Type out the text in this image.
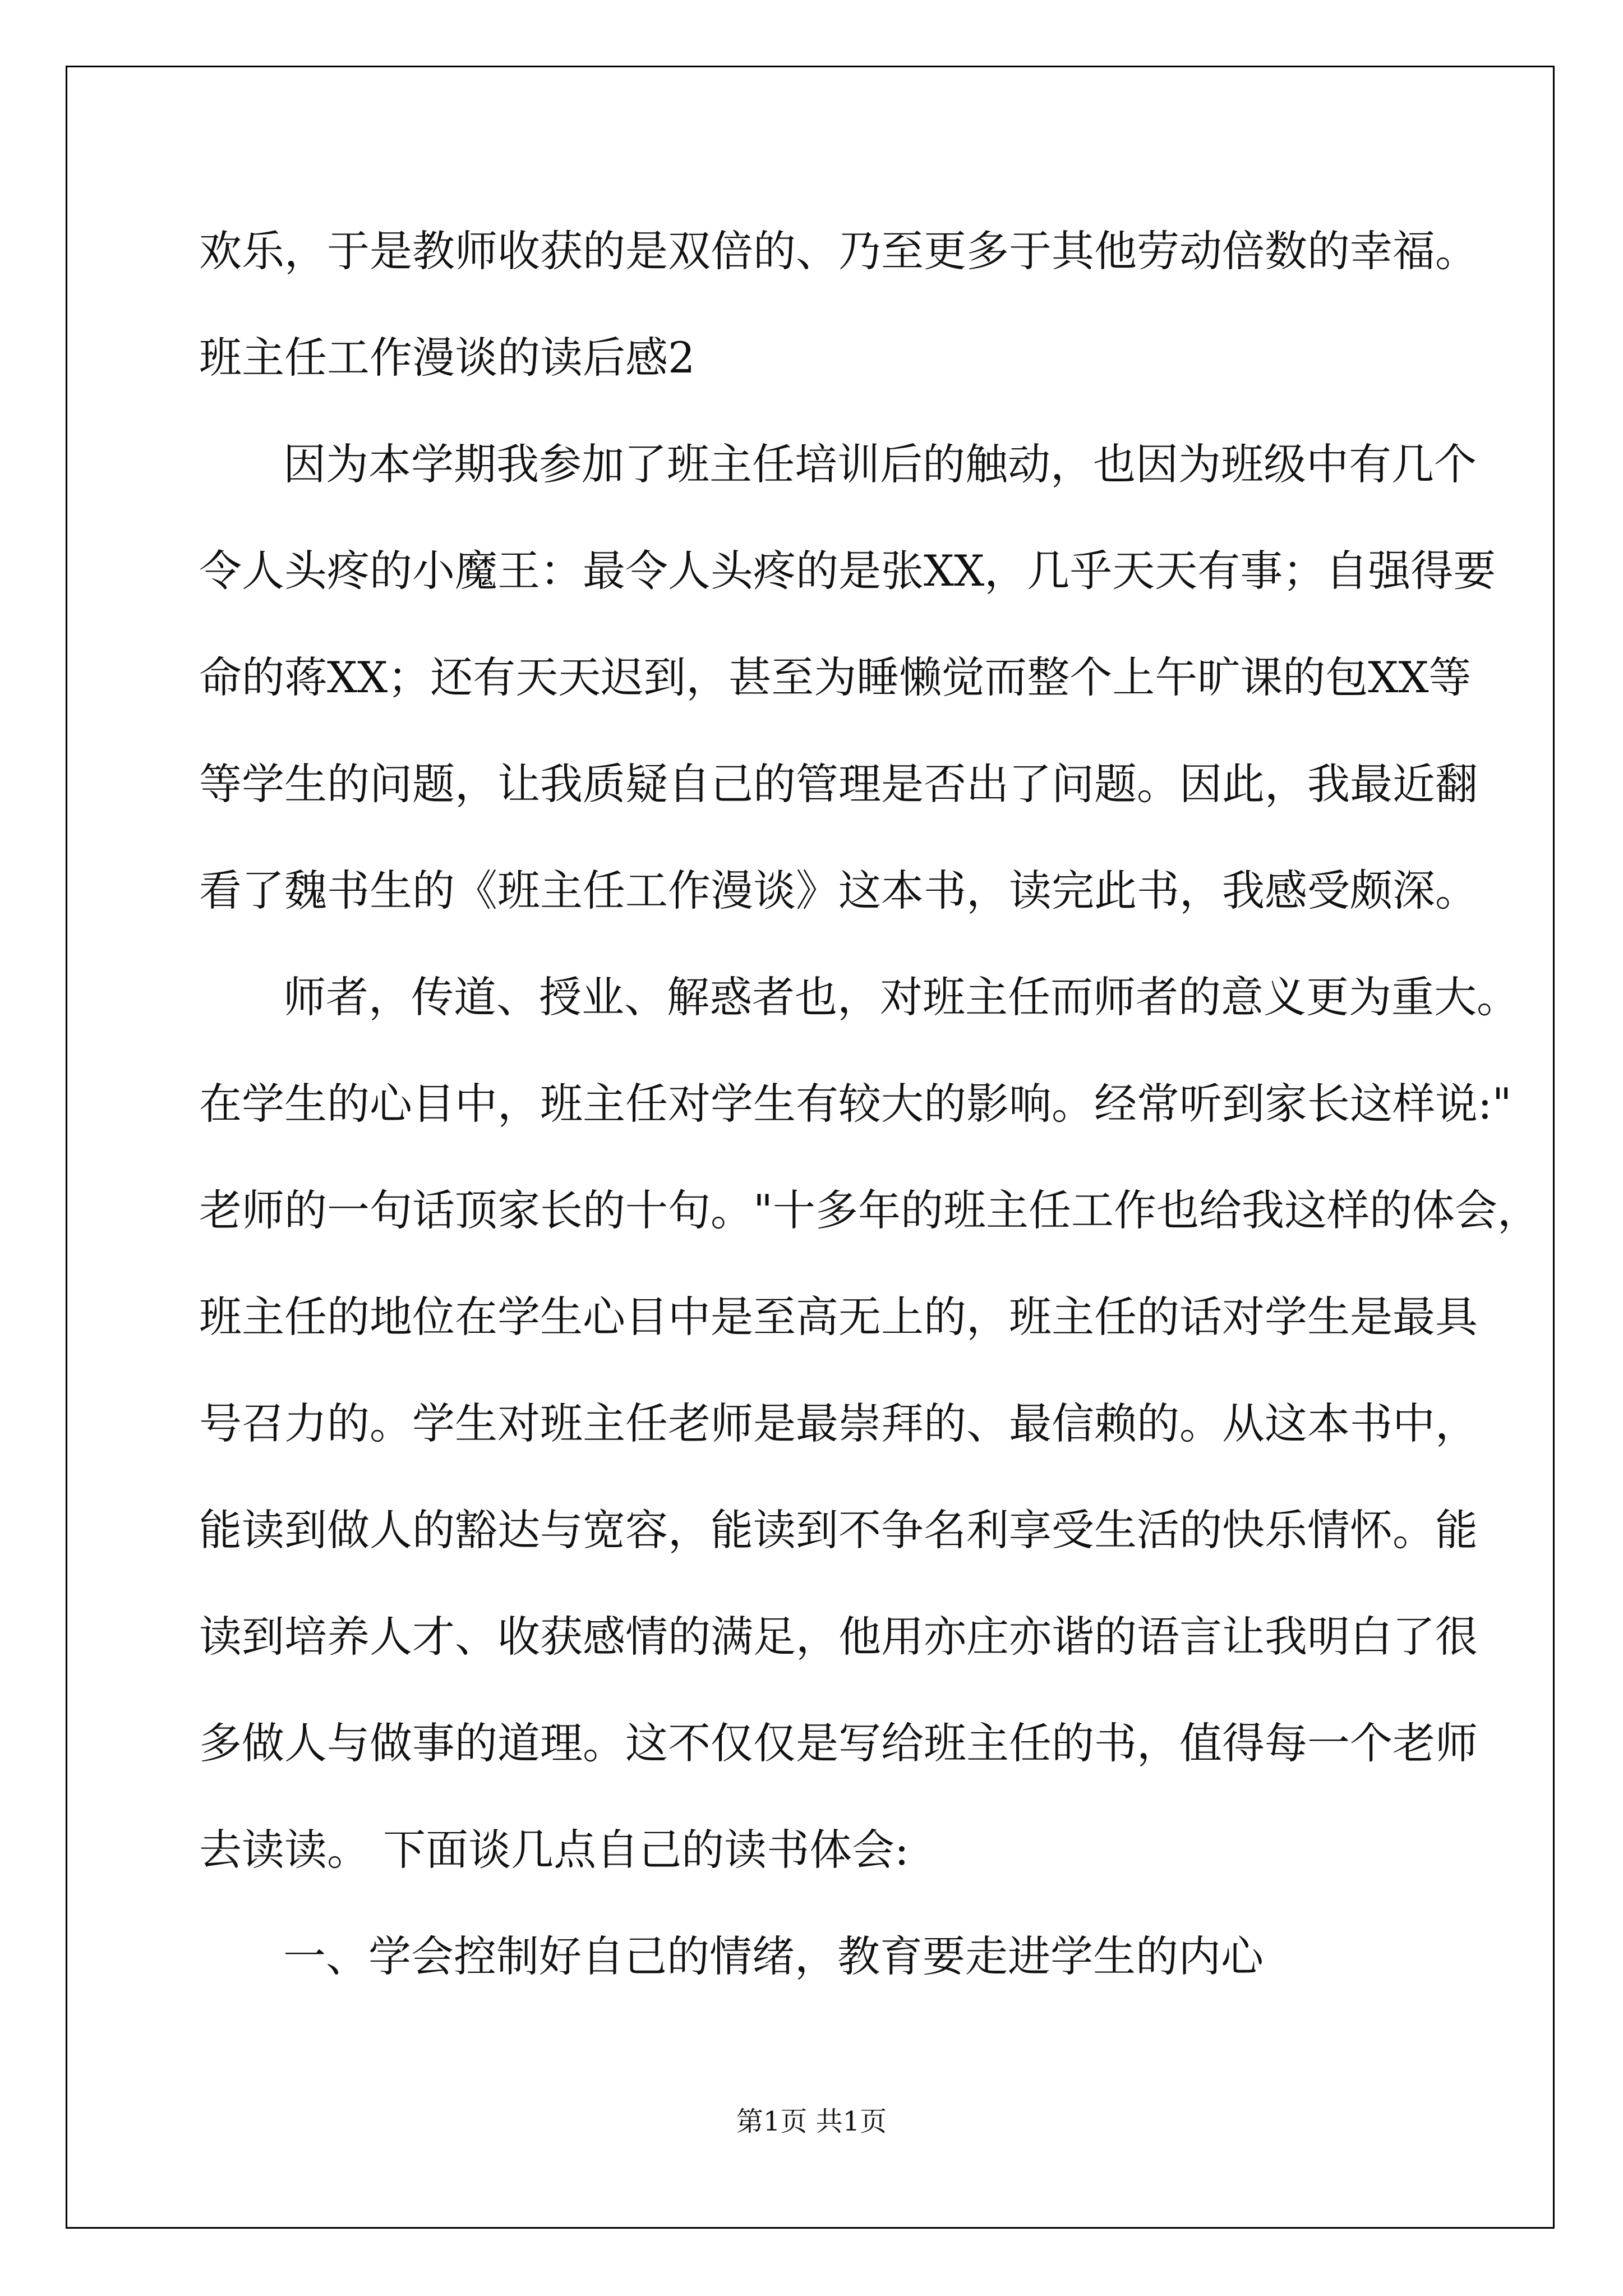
欢乐，于是教师收获的是双倍的、乃至更多于其他劳动倍数的幸福。

班主任工作漫谈的读后感2

因为本学期我参加了班主任培训后的触动，也因为班级中有几个

令人头疼的小魔王：最令人头疼的是张XX，几乎天天有事；自强得要

命的蒋XX；还有天天迟到，甚至为睡懒觉而整个上午旷课的包XX等

等学生的问题，让我质疑自己的管理是否出了问题。因此，我最近翻

看了魏书生的《班主任工作漫谈》这本书，读完此书，我感受颇深。

师者，传道、授业、解惑者也，对班主任而师者的意义更为重大。

在学生的心目中，班主任对学生有较大的影响。经常听到家长这样说:"

老师的一句话顶家长的十句。"十多年的班主任工作也给我这样的体会，

班主任的地位在学生心目中是至高无上的，班主任的话对学生是最具

号召力的。学生对班主任老师是最崇拜的、最信赖的。从这本书中，

能读到做人的豁达与宽容，能读到不争名利享受生活的快乐情怀。能

读到培养人才、收获感情的满足，他用亦庄亦谐的语言让我明白了很

多做人与做事的道理。这不仅仅是写给班主任的书，值得每一个老师

去读读。 下面谈几点自己的读书体会:

一、学会控制好自己的情绪，教育要走进学生的内心

第1页 共1页
